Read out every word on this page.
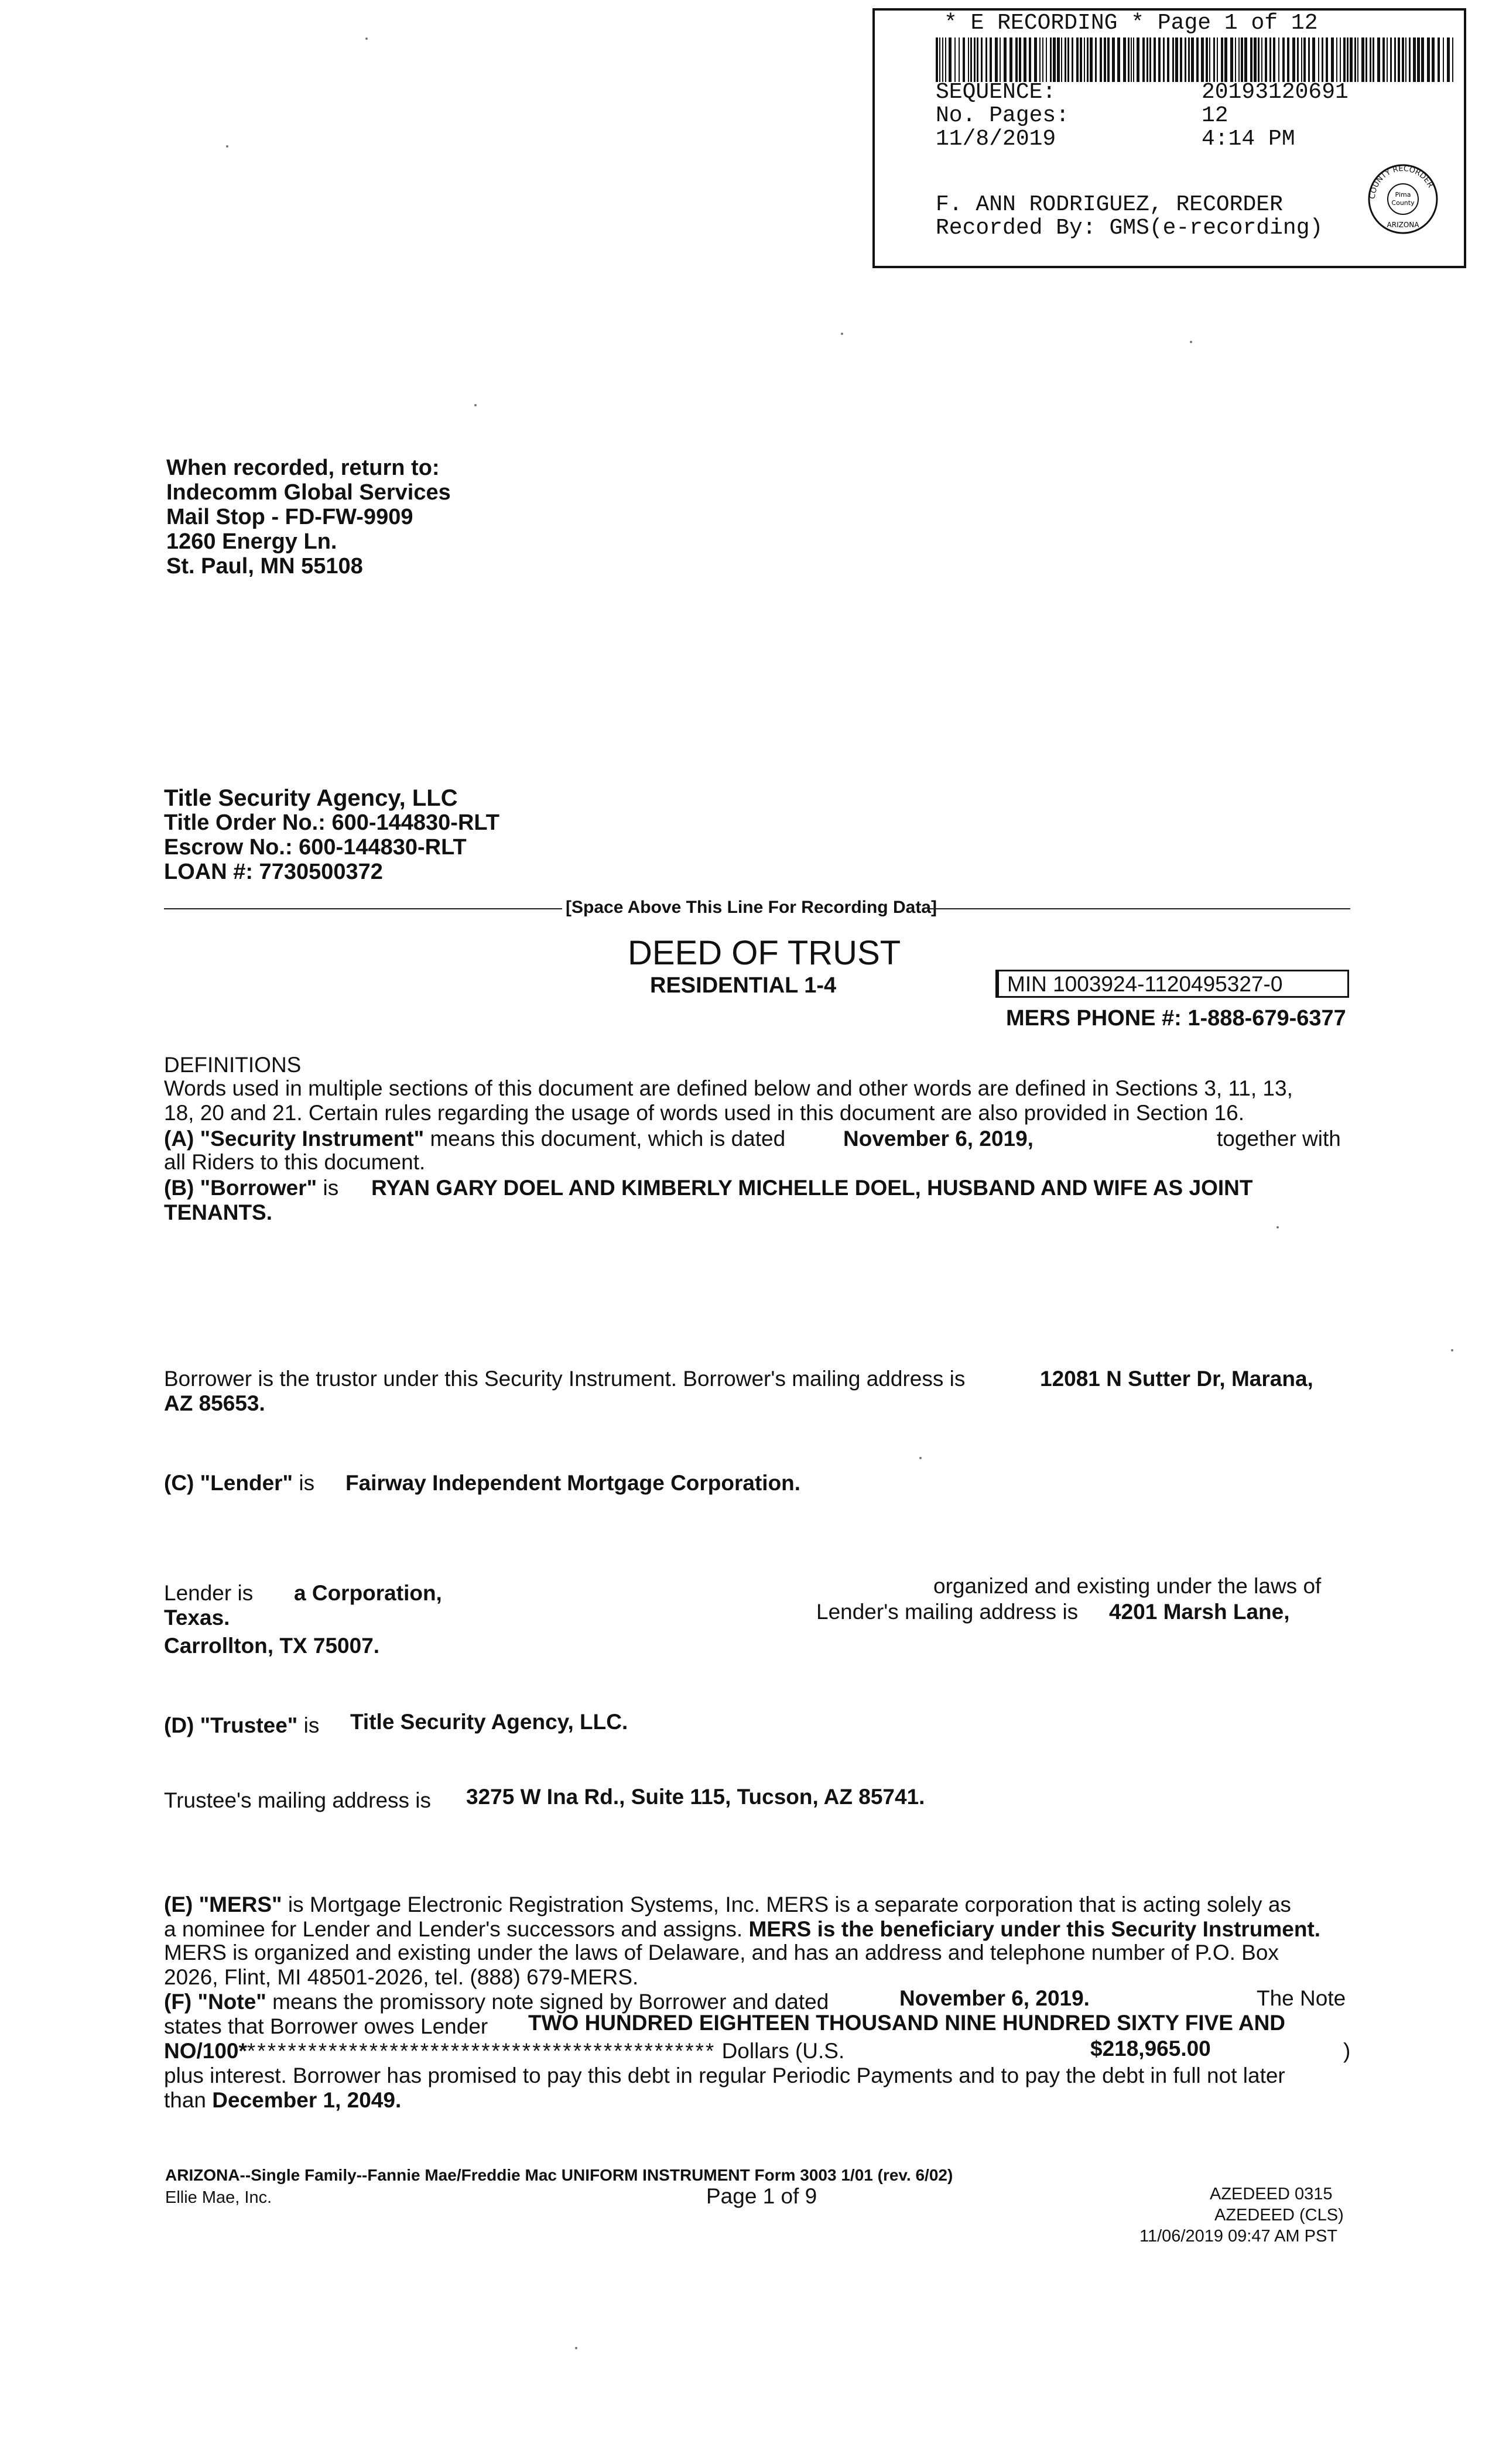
* E RECORDING * Page 1 of 12
SEQUENCE:	20193120691
No. Pages:	12
11/8/2019	4:14 PM
F. ANN RODRIGUEZ, RECORDER
Recorded By: GMS(e-recording)
COUNTY RECORDER
Pima
County
ARIZONA
When recorded, return to:
Indecomm Global Services
Mail Stop - FD-FW-9909
1260 Energy Ln.
St. Paul, MN 55108
Title Security Agency, LLC
Title Order No.: 600-144830-RLT
Escrow No.: 600-144830-RLT
LOAN #: 7730500372
[Space Above This Line For Recording Data]
DEED OF TRUST
RESIDENTIAL 1-4	MIN 1003924-1120495327-0
MERS PHONE #: 1-888-679-6377
DEFINITIONS
Words used in multiple sections of this document are defined below and other words are defined in Sections 3, 11, 13,
18, 20 and 21. Certain rules regarding the usage of words used in this document are also provided in Section 16.
(A) "Security Instrument" means this document, which is dated	November 6, 2019,	together with
all Riders to this document.
(B) "Borrower" is RYAN GARY DOEL AND KIMBERLY MICHELLE DOEL, HUSBAND AND WIFE AS JOINT
TENANTS.
Borrower is the trustor under this Security Instrument. Borrower's mailing address is	12081 N Sutter Dr, Marana,
AZ 85653.
(C) "Lender" is Fairway Independent Mortgage Corporation.
Lender is a Corporation,	organized and existing under the laws of
Texas.	Lender's mailing address is 4201 Marsh Lane,
Carrollton, TX 75007.
(D) "Trustee" is Title Security Agency, LLC.
Trustee's mailing address is 3275 W Ina Rd., Suite 115, Tucson, AZ 85741.
(E) "MERS" is Mortgage Electronic Registration Systems, Inc. MERS is a separate corporation that is acting solely as
a nominee for Lender and Lender's successors and assigns. MERS is the beneficiary under this Security Instrument.
MERS is organized and existing under the laws of Delaware, and has an address and telephone number of P.O. Box
2026, Flint, MI 48501-2026, tel. (888) 679-MERS.
(F) "Note" means the promissory note signed by Borrower and dated	November 6, 2019.	The Note
states that Borrower owes Lender TWO HUNDRED EIGHTEEN THOUSAND NINE HUNDRED SIXTY FIVE AND
NO/100*********************************************** Dollars (U.S.	$218,965.00	)
plus interest. Borrower has promised to pay this debt in regular Periodic Payments and to pay the debt in full not later
than December 1, 2049.
ARIZONA--Single Family--Fannie Mae/Freddie Mac UNIFORM INSTRUMENT Form 3003 1/01 (rev. 6/02)
Ellie Mae, Inc.	Page 1 of 9	AZEDEED 0315
AZEDEED (CLS)
11/06/2019 09:47 AM PST
